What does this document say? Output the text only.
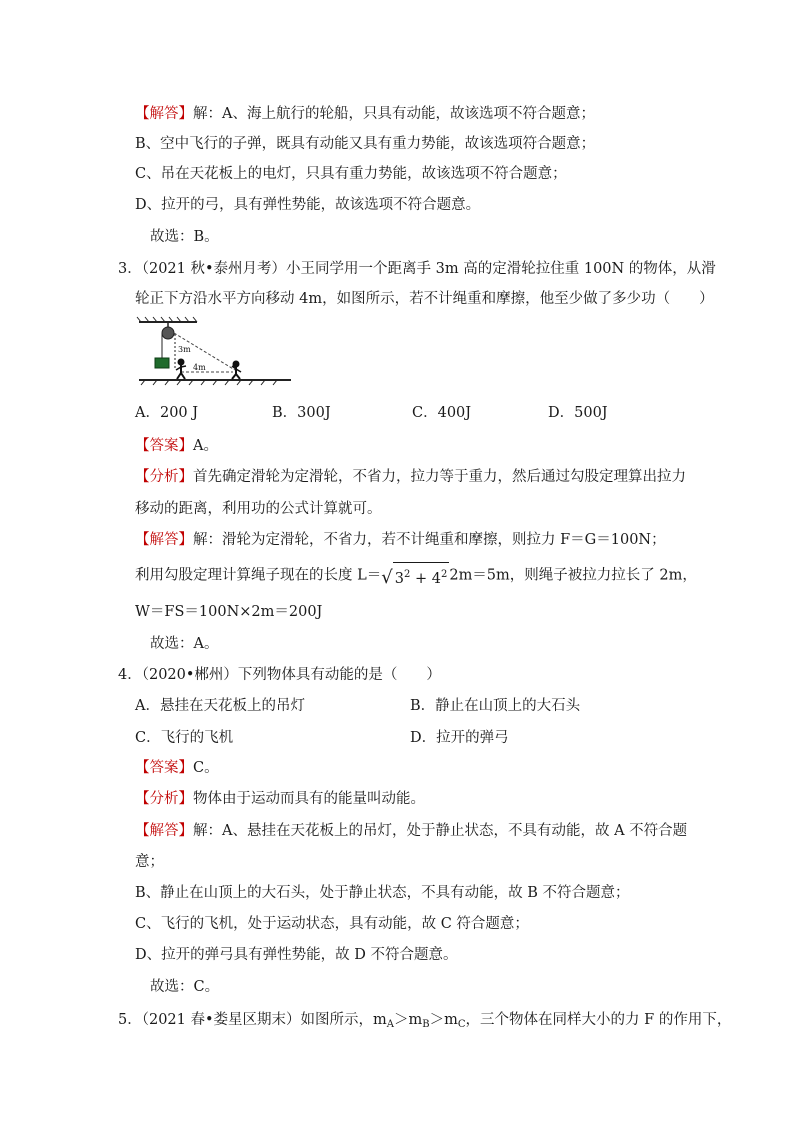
【解答】解：A、海上航行的轮船，只具有动能，故该选项不符合题意；
B、空中飞行的子弹，既具有动能又具有重力势能，故该选项符合题意；
C、吊在天花板上的电灯，只具有重力势能，故该选项不符合题意；
D、拉开的弓，具有弹性势能，故该选项不符合题意。
故选：B。
3．（2021 秋•泰州月考）小王同学用一个距离手 3m 高的定滑轮拉住重 100N 的物体，从滑
轮正下方沿水平方向移动 4m，如图所示，若不计绳重和摩擦，他至少做了多少功（　　）
3m
4m
A．200 J	B．300J	C．400J	D．500J
【答案】A。
【分析】首先确定滑轮为定滑轮，不省力，拉力等于重力，然后通过勾股定理算出拉力
移动的距离，利用功的公式计算就可。
【解答】解：滑轮为定滑轮，不省力，若不计绳重和摩擦，则拉力 F＝G＝100N；
利用勾股定理计算绳子现在的长度 L＝√ $3^2 + 4^2$ 2m＝5m，则绳子被拉力拉长了 2m，
W＝FS＝100N×2m＝200J
故选：A。
4．（2020•郴州）下列物体具有动能的是（　　）
A．悬挂在天花板上的吊灯	B．静止在山顶上的大石头
C．飞行的飞机	D．拉开的弹弓
【答案】C。
【分析】物体由于运动而具有的能量叫动能。
【解答】解：A、悬挂在天花板上的吊灯，处于静止状态，不具有动能，故 A 不符合题
意；
B、静止在山顶上的大石头，处于静止状态，不具有动能，故 B 不符合题意；
C、飞行的飞机，处于运动状态，具有动能，故 C 符合题意；
D、拉开的弹弓具有弹性势能，故 D 不符合题意。
故选：C。
5．（2021 春•娄星区期末）如图所示，$m_A>m_B>m_C$，三个物体在同样大小的力 F 的作用下，
